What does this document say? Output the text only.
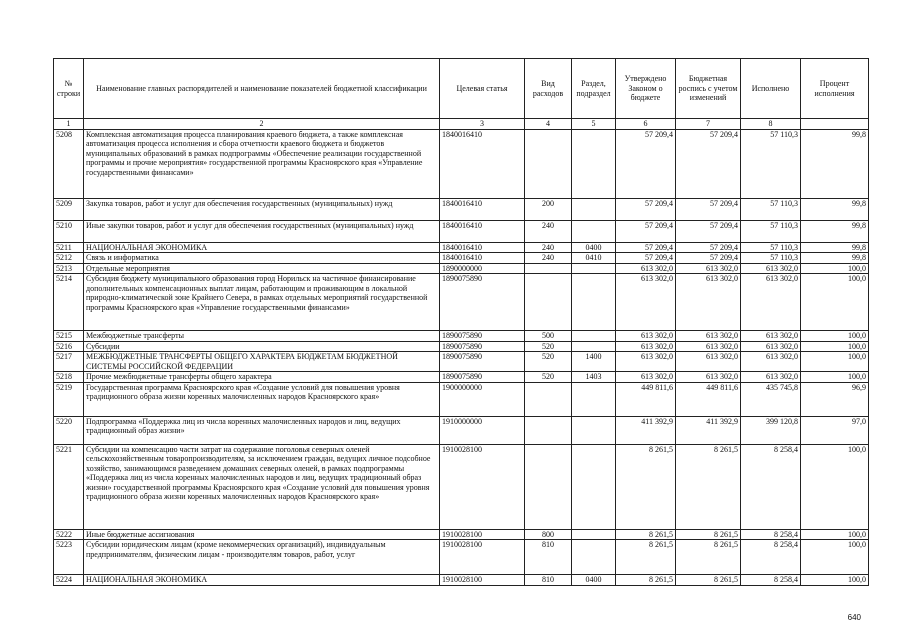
№ строки	Наименование главных распорядителей и наименование показателей бюджетной классификации	Целевая статья	Вид расходов	Раздел, подраздел	Утверждено Законом о бюджете	Бюджетная роспись с учетом изменений	Исполнено	Процент исполнения
1	2	3	4	5	6	7	8	
5208	Комплексная автоматизация процесса планирования краевого бюджета, а также комплексная автоматизация процесса исполнения и сбора отчетности краевого бюджета и бюджетов муниципальных образований в рамках подпрограммы «Обеспечение реализации государственной программы и прочие мероприятия» государственной программы Красноярского края «Управление государственными финансами»	1840016410			57 209,4	57 209,4	57 110,3	99,8
5209	Закупка товаров, работ и услуг для обеспечения государственных (муниципальных) нужд	1840016410	200		57 209,4	57 209,4	57 110,3	99,8
5210	Иные закупки товаров, работ и услуг для обеспечения государственных (муниципальных) нужд	1840016410	240		57 209,4	57 209,4	57 110,3	99,8
5211	НАЦИОНАЛЬНАЯ ЭКОНОМИКА	1840016410	240	0400	57 209,4	57 209,4	57 110,3	99,8
5212	Связь и информатика	1840016410	240	0410	57 209,4	57 209,4	57 110,3	99,8
5213	Отдельные мероприятия	1890000000			613 302,0	613 302,0	613 302,0	100,0
5214	Субсидия бюджету муниципального образования город Норильск на частичное финансирование дополнительных компенсационных выплат лицам, работающим и проживающим в локальной природно-климатической зоне Крайнего Севера, в рамках отдельных мероприятий государственной программы Красноярского края «Управление государственными финансами»	1890075890			613 302,0	613 302,0	613 302,0	100,0
5215	Межбюджетные трансферты	1890075890	500		613 302,0	613 302,0	613 302,0	100,0
5216	Субсидии	1890075890	520		613 302,0	613 302,0	613 302,0	100,0
5217	МЕЖБЮДЖЕТНЫЕ ТРАНСФЕРТЫ ОБЩЕГО ХАРАКТЕРА БЮДЖЕТАМ БЮДЖЕТНОЙ СИСТЕМЫ РОССИЙСКОЙ ФЕДЕРАЦИИ	1890075890	520	1400	613 302,0	613 302,0	613 302,0	100,0
5218	Прочие межбюджетные трансферты общего характера	1890075890	520	1403	613 302,0	613 302,0	613 302,0	100,0
5219	Государственная программа Красноярского края «Создание условий для повышения уровня традиционного образа жизни коренных малочисленных народов Красноярского края»	1900000000			449 811,6	449 811,6	435 745,8	96,9
5220	Подпрограмма «Поддержка лиц из числа коренных малочисленных народов и лиц, ведущих традиционный образ жизни»	1910000000			411 392,9	411 392,9	399 120,8	97,0
5221	Субсидии на компенсацию части затрат на содержание поголовья северных оленей сельскохозяйственным товаропроизводителям, за исключением граждан, ведущих личное подсобное хозяйство, занимающимся разведением домашних северных оленей, в рамках подпрограммы «Поддержка лиц из числа коренных малочисленных народов и лиц, ведущих традиционный образ жизни» государственной программы Красноярского края «Создание условий для повышения уровня традиционного образа жизни коренных малочисленных народов Красноярского края»	1910028100			8 261,5	8 261,5	8 258,4	100,0
5222	Иные бюджетные ассигнования	1910028100	800		8 261,5	8 261,5	8 258,4	100,0
5223	Субсидии юридическим лицам (кроме некоммерческих организаций), индивидуальным предпринимателям, физическим лицам - производителям товаров, работ, услуг	1910028100	810		8 261,5	8 261,5	8 258,4	100,0
5224	НАЦИОНАЛЬНАЯ ЭКОНОМИКА	1910028100	810	0400	8 261,5	8 261,5	8 258,4	100,0
640
